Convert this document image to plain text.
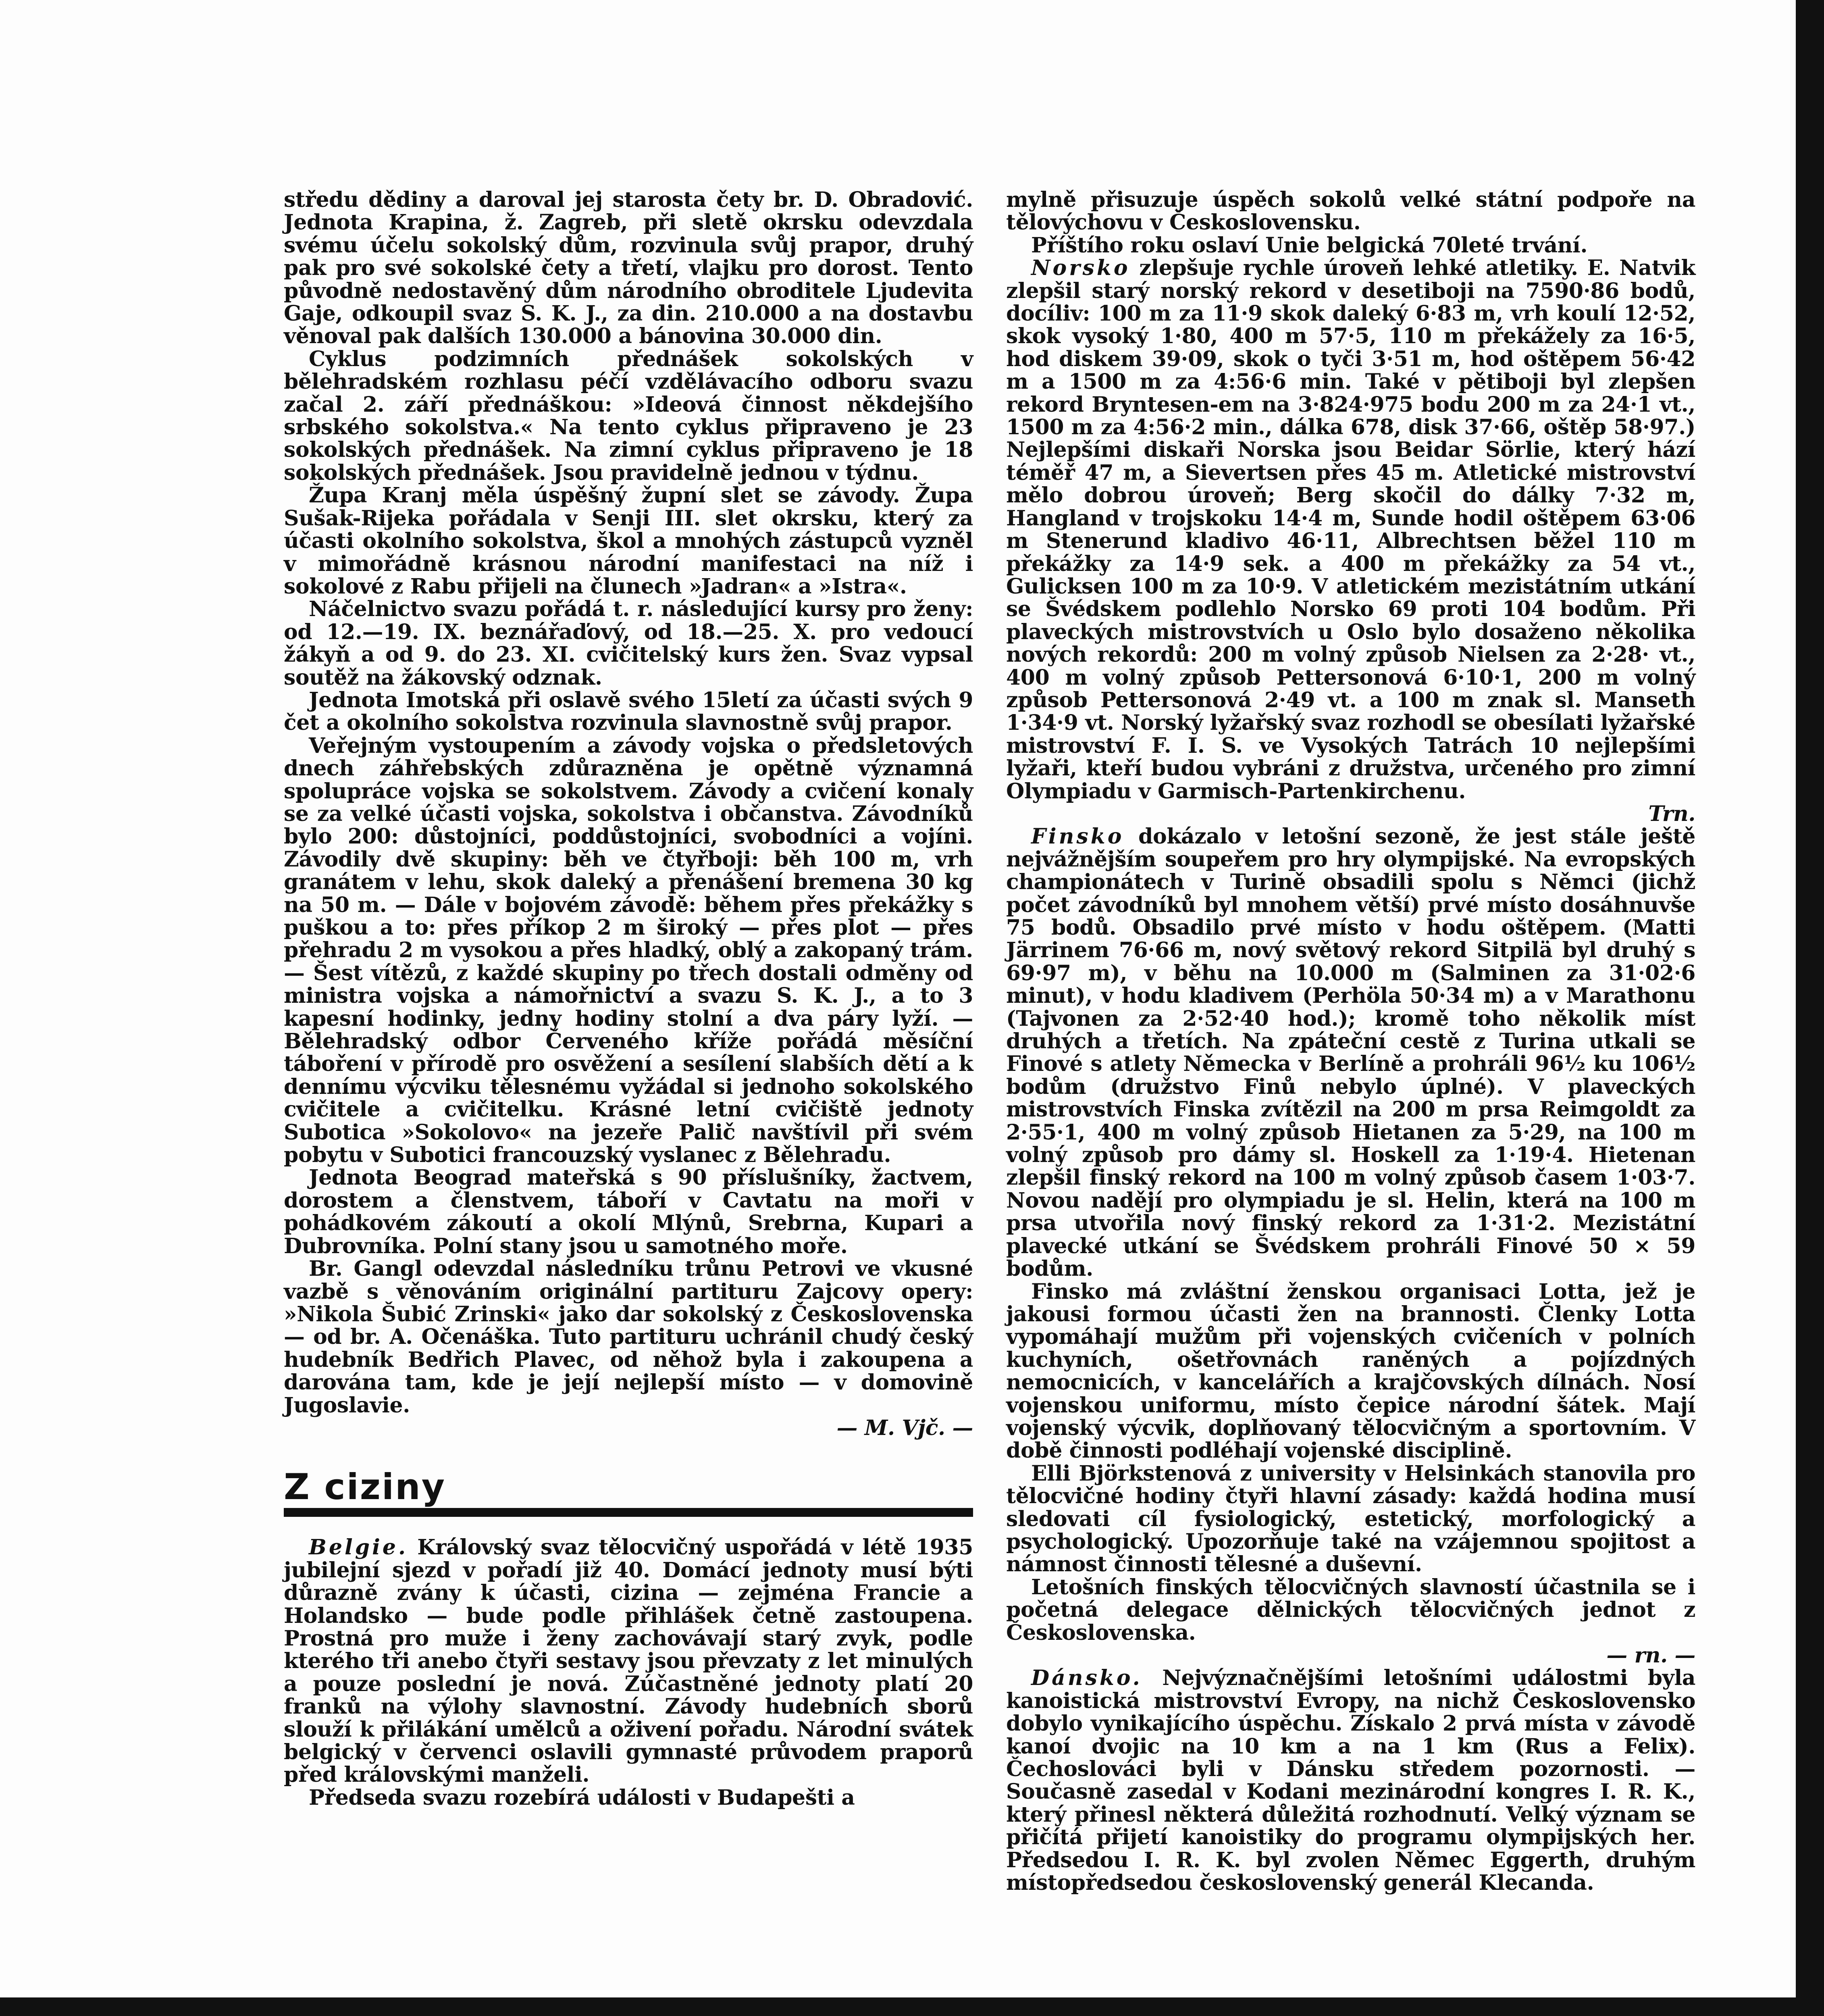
středu dědiny a daroval jej starosta čety br. D. Obradović. Jednota Krapina, ž. Zagreb, při sletě okrsku odevzdala svému účelu sokolský dům, rozvinula svůj prapor, druhý pak pro své sokolské čety a třetí, vlajku pro dorost. Tento původně nedostavěný dům národního obroditele Ljudevita Gaje, odkoupil svaz S. K. J., za din. 210.000 a na dostavbu věnoval pak dalších 130.000 a bánovina 30.000 din.

Cyklus podzimních přednášek sokolských v bělehradském rozhlasu péčí vzdělávacího odboru svazu začal 2. září přednáškou: »Ideová činnost někdejšího srbského sokolstva.« Na tento cyklus připraveno je 23 sokolských přednášek. Na zimní cyklus připraveno je 18 sokolských přednášek. Jsou pravidelně jednou v týdnu.

Župa Kranj měla úspěšný župní slet se závody. Župa Sušak-Rijeka pořádala v Senji III. slet okrsku, který za účasti okolního sokolstva, škol a mnohých zástupců vyzněl v mimořádně krásnou národní manifestaci na níž i sokolové z Rabu přijeli na člunech »Jadran« a »Istra«.

Náčelnictvo svazu pořádá t. r. následující kursy pro ženy: od 12.—19. IX. beznářaďový, od 18.—25. X. pro vedoucí žákyň a od 9. do 23. XI. cvičitelský kurs žen. Svaz vypsal soutěž na žákovský odznak.

Jednota Imotská při oslavě svého 15letí za účasti svých 9 čet a okolního sokolstva rozvinula slavnostně svůj prapor.

Veřejným vystoupením a závody vojska o předsletových dnech záhřebských zdůrazněna je opětně významná spolupráce vojska se sokolstvem. Závody a cvičení konaly se za velké účasti vojska, sokolstva i občanstva. Závodníků bylo 200: důstojníci, poddůstojníci, svobodníci a vojíni. Závodily dvě skupiny: běh ve čtyřboji: běh 100 m, vrh granátem v lehu, skok daleký a přenášení bremena 30 kg na 50 m. — Dále v bojovém závodě: během přes překážky s puškou a to: přes příkop 2 m široký — přes plot — přes přehradu 2 m vysokou a přes hladký, oblý a zakopaný trám. — Šest vítězů, z každé skupiny po třech dostali odměny od ministra vojska a námořnictví a svazu S. K. J., a to 3 kapesní hodinky, jedny hodiny stolní a dva páry lyží. — Bělehradský odbor Červeného kříže pořádá měsíční táboření v přírodě pro osvěžení a sesílení slabších dětí a k dennímu výcviku tělesnému vyžádal si jednoho sokolského cvičitele a cvičitelku. Krásné letní cvičiště jednoty Subotica »Sokolovo« na jezeře Palič navštívil při svém pobytu v Subotici francouzský vyslanec z Bělehradu.

Jednota Beograd mateřská s 90 příslušníky, žactvem, dorostem a členstvem, táboří v Cavtatu na moři v pohádkovém zákoutí a okolí Mlýnů, Srebrna, Kupari a Dubrovníka. Polní stany jsou u samotného moře.

Br. Gangl odevzdal následníku trůnu Petrovi ve vkusné vazbě s věnováním originální partituru Zajcovy opery: »Nikola Šubić Zrinski« jako dar sokolský z Československa — od br. A. Očenáška. Tuto partituru uchránil chudý český hudebník Bedřich Plavec, od něhož byla i zakoupena a darována tam, kde je její nejlepší místo — v domovině Jugoslavie.

— M. Vjč. —

Z ciziny

Belgie. Královský svaz tělocvičný uspořádá v létě 1935 jubilejní sjezd v pořadí již 40. Domácí jednoty musí býti důrazně zvány k účasti, cizina — zejména Francie a Holandsko — bude podle přihlášek četně zastoupena. Prostná pro muže i ženy zachovávají starý zvyk, podle kterého tři anebo čtyři sestavy jsou převzaty z let minulých a pouze poslední je nová. Zúčastněné jednoty platí 20 franků na výlohy slavnostní. Závody hudebních sborů slouží k přilákání umělců a oživení pořadu. Národní svátek belgický v červenci oslavili gymnasté průvodem praporů před královskými manželi.

Předseda svazu rozebírá události v Budapešti a

mylně přisuzuje úspěch sokolů velké státní podpoře na tělovýchovu v Československu.

Příštího roku oslaví Unie belgická 70leté trvání.

Norsko zlepšuje rychle úroveň lehké atletiky. E. Natvik zlepšil starý norský rekord v desetiboji na 7590·86 bodů, docíliv: 100 m za 11·9 skok daleký 6·83 m, vrh koulí 12·52, skok vysoký 1·80, 400 m 57·5, 110 m překážely za 16·5, hod diskem 39·09, skok o tyči 3·51 m, hod oštěpem 56·42 m a 1500 m za 4:56·6 min. Také v pětiboji byl zlepšen rekord Bryntesen-em na 3·824·975 bodu 200 m za 24·1 vt., 1500 m za 4:56·2 min., dálka 678, disk 37·66, oštěp 58·97.) Nejlepšími diskaři Norska jsou Beidar Sörlie, který hází téměř 47 m, a Sievertsen přes 45 m. Atletické mistrovství mělo dobrou úroveň; Berg skočil do dálky 7·32 m, Hangland v trojskoku 14·4 m, Sunde hodil oštěpem 63·06 m Stenerund kladivo 46·11, Albrechtsen běžel 110 m překážky za 14·9 sek. a 400 m překážky za 54 vt., Gulicksen 100 m za 10·9. V atletickém mezistátním utkání se Švédskem podlehlo Norsko 69 proti 104 bodům. Při plaveckých mistrovstvích u Oslo bylo dosaženo několika nových rekordů: 200 m volný způsob Nielsen za 2·28· vt., 400 m volný způsob Pettersonová 6·10·1, 200 m volný způsob Pettersonová 2·49 vt. a 100 m znak sl. Manseth 1·34·9 vt. Norský lyžařský svaz rozhodl se obesílati lyžařské mistrovství F. I. S. ve Vysokých Tatrách 10 nejlepšími lyžaři, kteří budou vybráni z družstva, určeného pro zimní Olympiadu v Garmisch-Partenkirchenu.

Trn.

Finsko dokázalo v letošní sezoně, že jest stále ještě nejvážnějším soupeřem pro hry olympijské. Na evropských championátech v Turině obsadili spolu s Němci (jichž počet závodníků byl mnohem větší) prvé místo dosáhnuvše 75 bodů. Obsadilo prvé místo v hodu oštěpem. (Matti Järrinem 76·66 m, nový světový rekord Sitpilä byl druhý s 69·97 m), v běhu na 10.000 m (Salminen za 31·02·6 minut), v hodu kladivem (Perhöla 50·34 m) a v Marathonu (Tajvonen za 2·52·40 hod.); kromě toho několik míst druhých a třetích. Na zpáteční cestě z Turina utkali se Finové s atlety Německa v Berlíně a prohráli 96½ ku 106½ bodům (družstvo Finů nebylo úplné). V plaveckých mistrovstvích Finska zvítězil na 200 m prsa Reimgoldt za 2·55·1, 400 m volný způsob Hietanen za 5·29, na 100 m volný způsob pro dámy sl. Hoskell za 1·19·4. Hietenan zlepšil finský rekord na 100 m volný způsob časem 1·03·7. Novou nadějí pro olympiadu je sl. Helin, která na 100 m prsa utvořila nový finský rekord za 1·31·2. Mezistátní plavecké utkání se Švédskem prohráli Finové 50 × 59 bodům.

Finsko má zvláštní ženskou organisaci Lotta, jež je jakousi formou účasti žen na brannosti. Členky Lotta vypomáhají mužům při vojenských cvičeních v polních kuchyních, ošetřovnách raněných a pojízdných nemocnicích, v kancelářích a krajčovských dílnách. Nosí vojenskou uniformu, místo čepice národní šátek. Mají vojenský výcvik, doplňovaný tělocvičným a sportovním. V době činnosti podléhají vojenské disciplině.

Elli Björkstenová z university v Helsinkách stanovila pro tělocvičné hodiny čtyři hlavní zásady: každá hodina musí sledovati cíl fysiologický, estetický, morfologický a psychologický. Upozorňuje také na vzájemnou spojitost a námnost činnosti tělesné a duševní.

Letošních finských tělocvičných slavností účastnila se i početná delegace dělnických tělocvičných jednot z Československa.

— rn. —

Dánsko. Nejvýznačnějšími letošními událostmi byla kanoistická mistrovství Evropy, na nichž Československo dobylo vynikajícího úspěchu. Získalo 2 prvá místa v závodě kanoí dvojic na 10 km a na 1 km (Rus a Felix). Čechoslováci byli v Dánsku středem pozornosti. — Současně zasedal v Kodani mezinárodní kongres I. R. K., který přinesl některá důležitá rozhodnutí. Velký význam se přičítá přijetí kanoistiky do programu olympijských her. Předsedou I. R. K. byl zvolen Němec Eggerth, druhým místopředsedou československý generál Klecanda.
